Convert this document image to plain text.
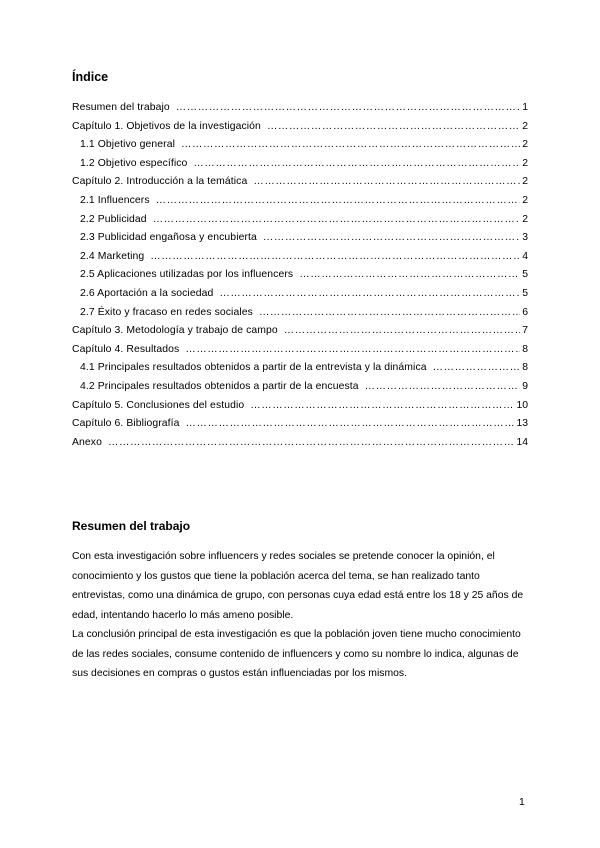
Índice
Resumen del trabajo ………………………………………………………………………………………………………………………………………………	1
Capítulo 1. Objetivos de la investigación ………………………………………………………………………………………………………………………………………………	2
1.1 Objetivo general ………………………………………………………………………………………………………………………………………………	2
1.2 Objetivo específico ………………………………………………………………………………………………………………………………………………	2
Capítulo 2. Introducción a la temática ………………………………………………………………………………………………………………………………………………	2
2.1 Influencers ………………………………………………………………………………………………………………………………………………	2
2.2 Publicidad ………………………………………………………………………………………………………………………………………………	2
2.3 Publicidad engañosa y encubierta ………………………………………………………………………………………………………………………………………………	3
2.4 Marketing ………………………………………………………………………………………………………………………………………………	4
2.5 Aplicaciones utilizadas por los influencers ………………………………………………………………………………………………………………………………………………	5
2.6 Aportación a la sociedad ………………………………………………………………………………………………………………………………………………	5
2.7 Éxito y fracaso en redes sociales ………………………………………………………………………………………………………………………………………………	6
Capítulo 3. Metodología y trabajo de campo ………………………………………………………………………………………………………………………………………………	7
Capítulo 4. Resultados ………………………………………………………………………………………………………………………………………………	8
4.1 Principales resultados obtenidos a partir de la entrevista y la dinámica ………………………………………………………………………………………………………………………………………………	8
4.2 Principales resultados obtenidos a partir de la encuesta ………………………………………………………………………………………………………………………………………………	9
Capítulo 5. Conclusiones del estudio ………………………………………………………………………………………………………………………………………………	10
Capítulo 6. Bibliografía ………………………………………………………………………………………………………………………………………………	13
Anexo ………………………………………………………………………………………………………………………………………………	14
Resumen del trabajo

Con esta investigación sobre influencers y redes sociales se pretende conocer la opinión, el conocimiento y los gustos que tiene la población acerca del tema, se han realizado tanto entrevistas, como una dinámica de grupo, con personas cuya edad está entre los 18 y 25 años de edad, intentando hacerlo lo más ameno posible.

La conclusión principal de esta investigación es que la población joven tiene mucho conocimiento de las redes sociales, consume contenido de influencers y como su nombre lo indica, algunas de sus decisiones en compras o gustos están influenciadas por los mismos.

1
